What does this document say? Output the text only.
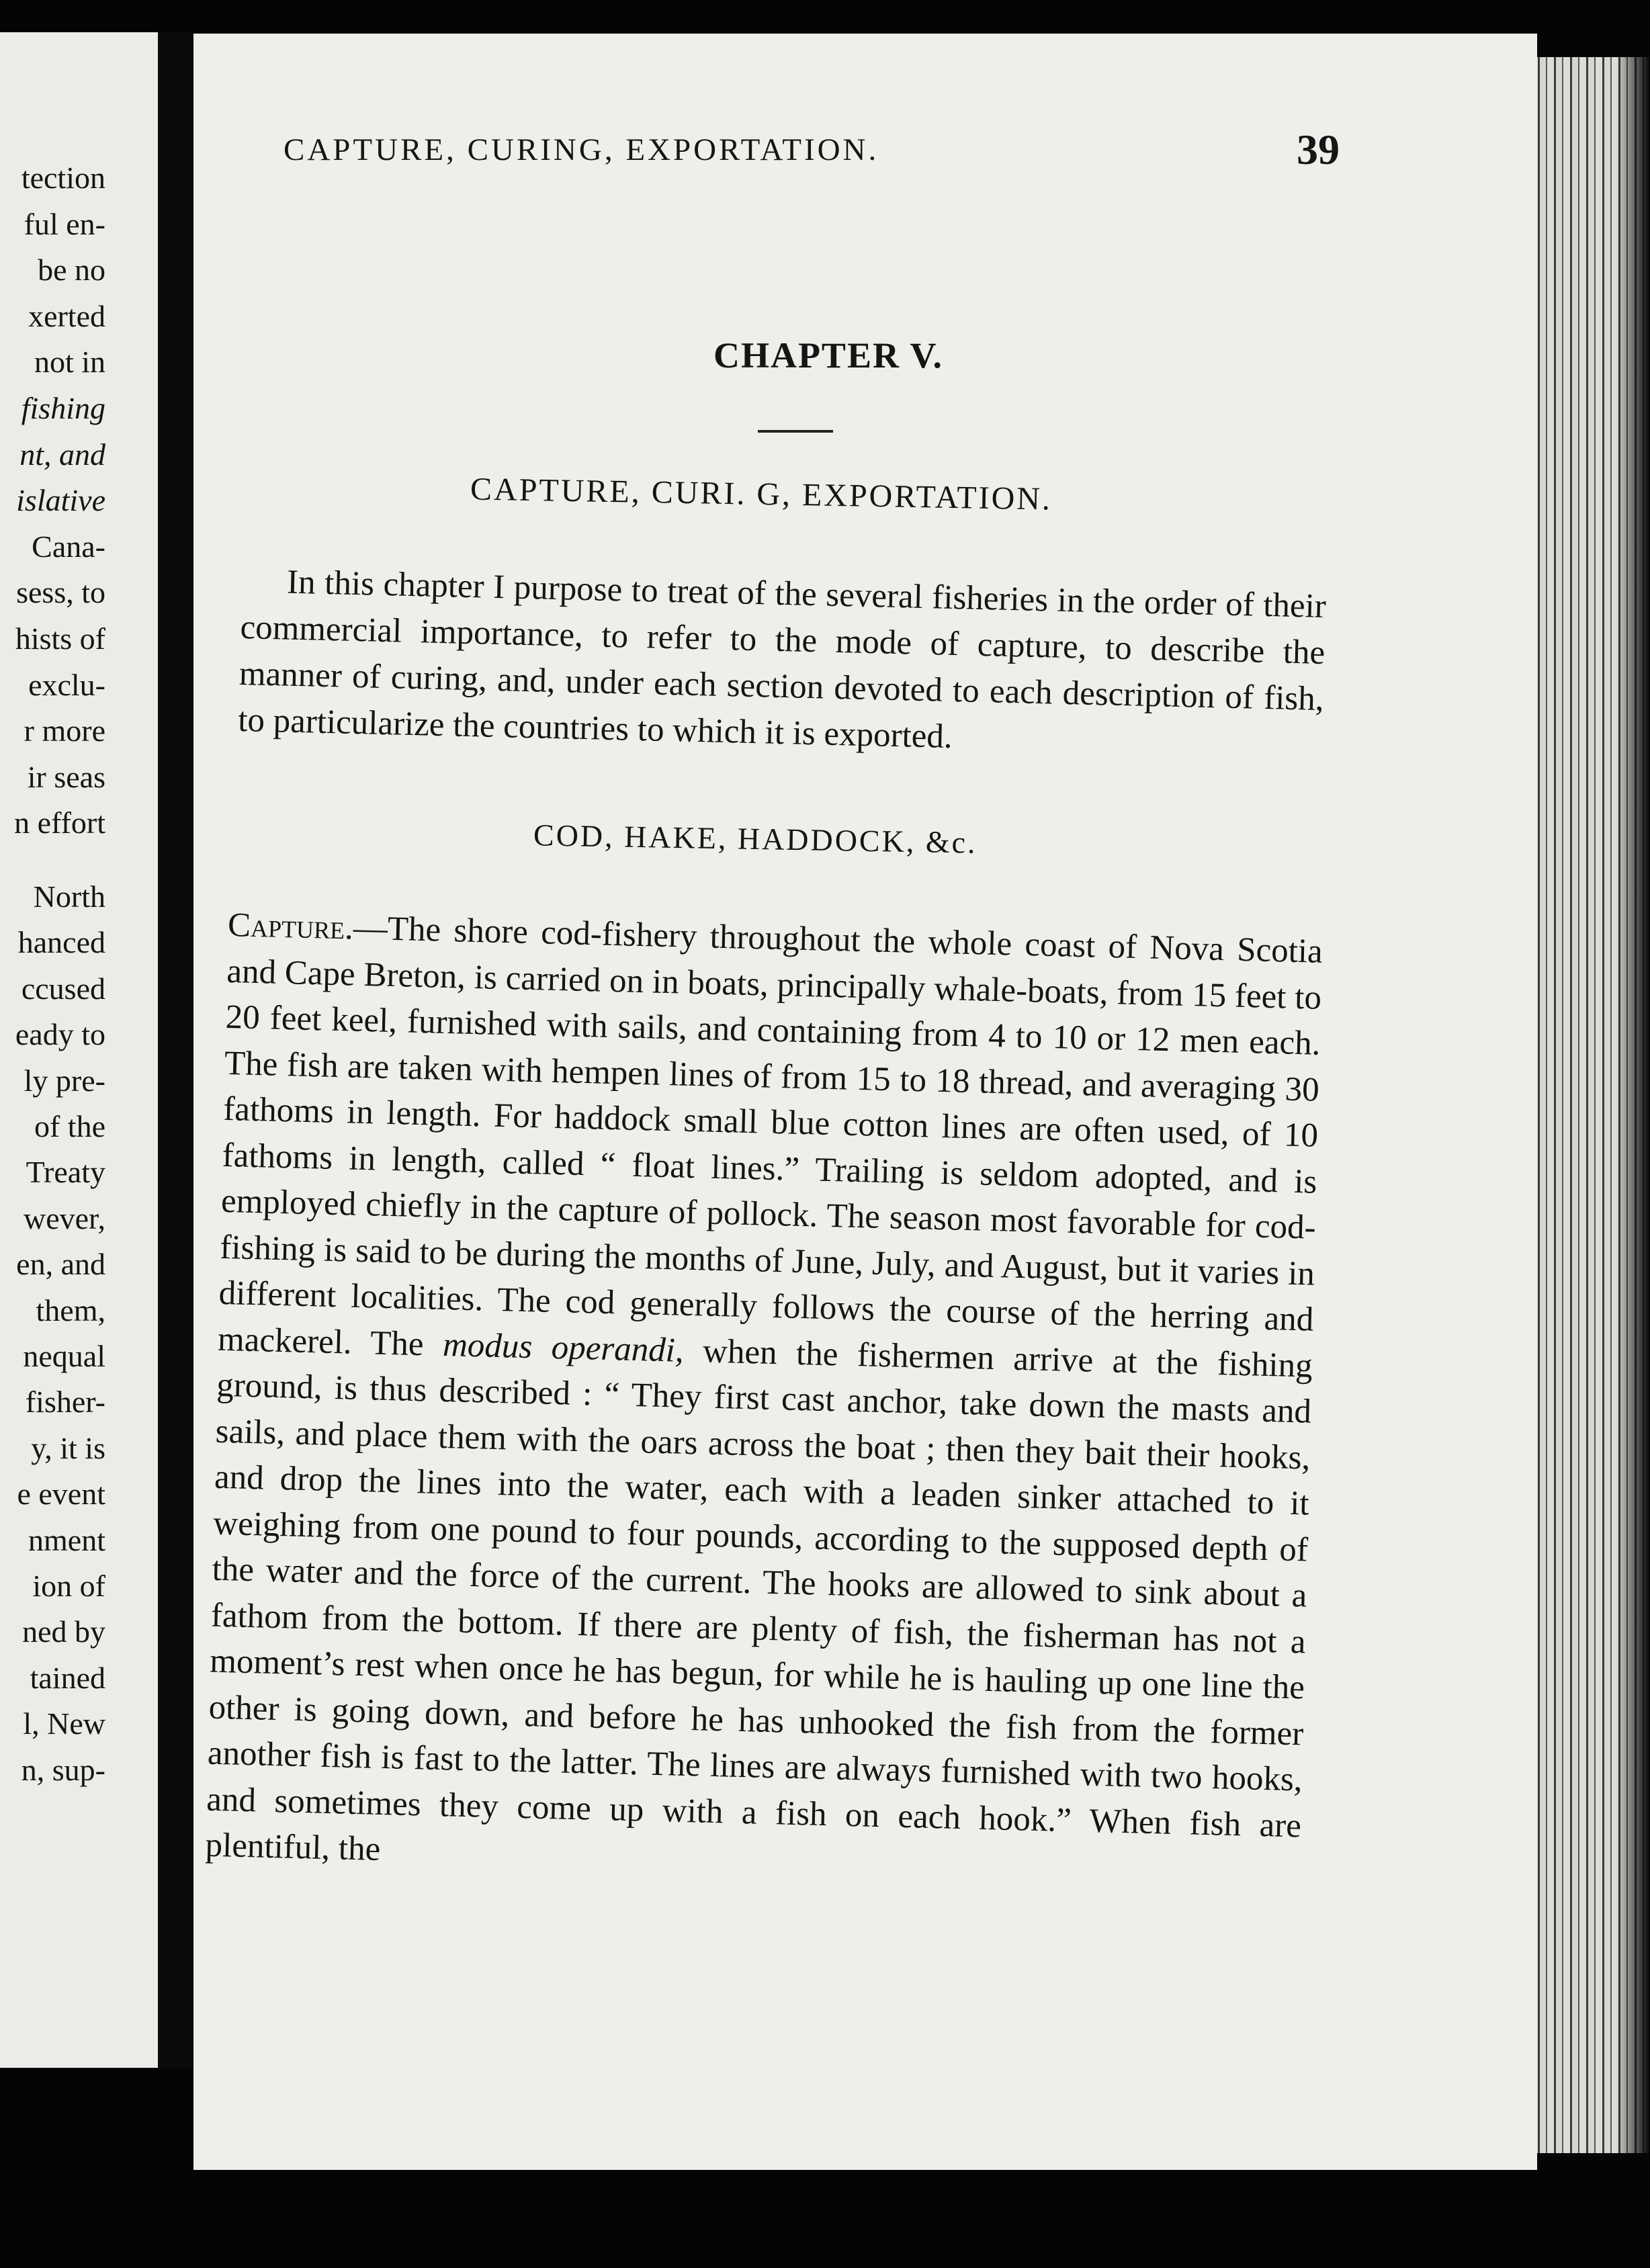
tection
ful en-
be no
xerted
not in
fishing
nt, and
islative
Cana-
sess, to
hists of
exclu-
r more
ir seas
n effort
North
hanced
ccused
eady to
ly pre-
of the
Treaty
wever,
en, and
them,
nequal
fisher-
y, it is
e event
nment
ion of
ned by
tained
l, New
n, sup-
CAPTURE, CURING, EXPORTATION.	39
CHAPTER V.
CAPTURE, CURI. G, EXPORTATION.

In this chapter I purpose to treat of the several fisheries in the order of their commercial importance, to refer to the mode of capture, to describe the manner of curing, and, under each section devoted to each description of fish, to particularize the countries to which it is exported.

COD, HAKE, HADDOCK, &c.

Capture.—The shore cod-fishery throughout the whole coast of Nova Scotia and Cape Breton, is carried on in boats, principally whale-boats, from 15 feet to 20 feet keel, furnished with sails, and containing from 4 to 10 or 12 men each. The fish are taken with hempen lines of from 15 to 18 thread, and averaging 30 fathoms in length. For haddock small blue cotton lines are often used, of 10 fathoms in length, called “ float lines.” Trailing is seldom adopted, and is employed chiefly in the capture of pollock. The season most favorable for cod-fishing is said to be during the months of June, July, and August, but it varies in different localities. The cod generally follows the course of the herring and mackerel. The modus operandi, when the fishermen arrive at the fishing ground, is thus described : “ They first cast anchor, take down the masts and sails, and place them with the oars across the boat ; then they bait their hooks, and drop the lines into the water, each with a leaden sinker attached to it weighing from one pound to four pounds, according to the supposed depth of the water and the force of the current. The hooks are allowed to sink about a fathom from the bottom. If there are plenty of fish, the fisherman has not a moment’s rest when once he has begun, for while he is hauling up one line the other is going down, and before he has unhooked the fish from the former another fish is fast to the latter. The lines are always furnished with two hooks, and sometimes they come up with a fish on each hook.” When fish are plentiful, the
